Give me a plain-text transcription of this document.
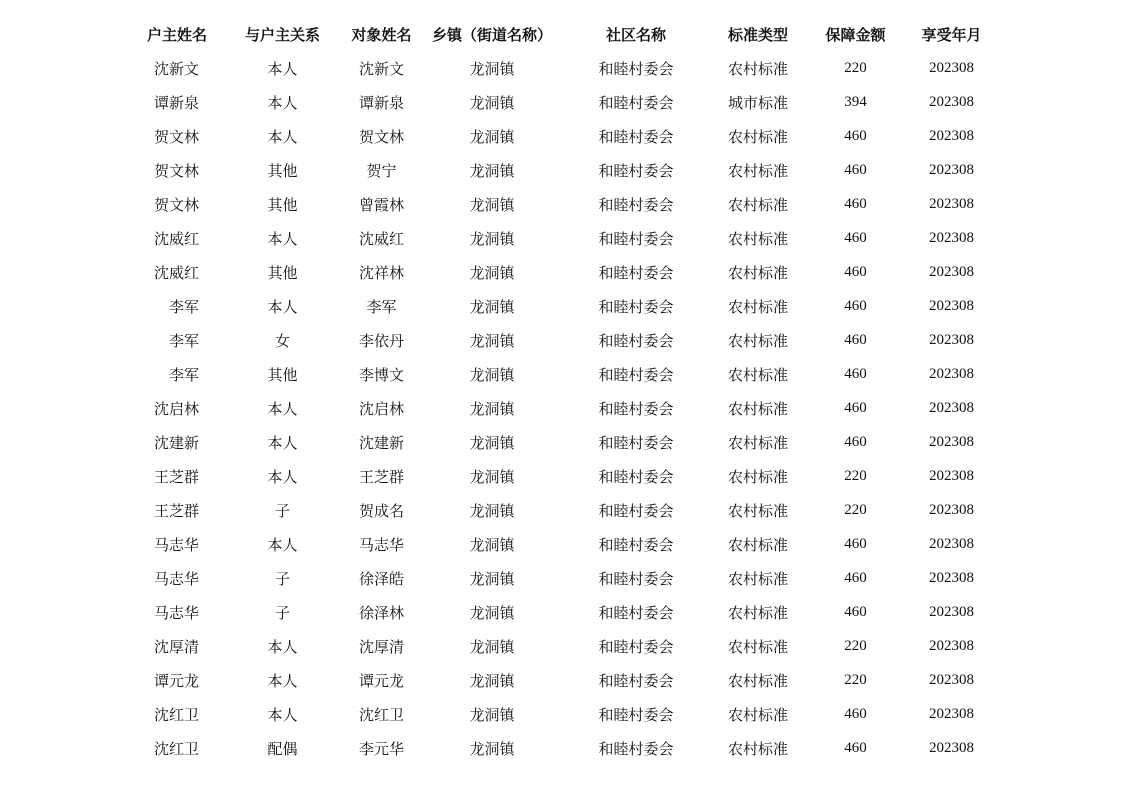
户主姓名	与户主关系	对象姓名	乡镇（街道名称）	社区名称	标准类型	保障金额	享受年月
沈新文	本人	沈新文	龙洞镇	和睦村委会	农村标准	220	202308
谭新泉	本人	谭新泉	龙洞镇	和睦村委会	城市标准	394	202308
贺文林	本人	贺文林	龙洞镇	和睦村委会	农村标准	460	202308
贺文林	其他	贺宁	龙洞镇	和睦村委会	农村标准	460	202308
贺文林	其他	曾霞林	龙洞镇	和睦村委会	农村标准	460	202308
沈威红	本人	沈威红	龙洞镇	和睦村委会	农村标准	460	202308
沈威红	其他	沈祥林	龙洞镇	和睦村委会	农村标准	460	202308
李军	本人	李军	龙洞镇	和睦村委会	农村标准	460	202308
李军	女	李依丹	龙洞镇	和睦村委会	农村标准	460	202308
李军	其他	李博文	龙洞镇	和睦村委会	农村标准	460	202308
沈启林	本人	沈启林	龙洞镇	和睦村委会	农村标准	460	202308
沈建新	本人	沈建新	龙洞镇	和睦村委会	农村标准	460	202308
王芝群	本人	王芝群	龙洞镇	和睦村委会	农村标准	220	202308
王芝群	子	贺成名	龙洞镇	和睦村委会	农村标准	220	202308
马志华	本人	马志华	龙洞镇	和睦村委会	农村标准	460	202308
马志华	子	徐泽皓	龙洞镇	和睦村委会	农村标准	460	202308
马志华	子	徐泽林	龙洞镇	和睦村委会	农村标准	460	202308
沈厚清	本人	沈厚清	龙洞镇	和睦村委会	农村标准	220	202308
谭元龙	本人	谭元龙	龙洞镇	和睦村委会	农村标准	220	202308
沈红卫	本人	沈红卫	龙洞镇	和睦村委会	农村标准	460	202308
沈红卫	配偶	李元华	龙洞镇	和睦村委会	农村标准	460	202308
